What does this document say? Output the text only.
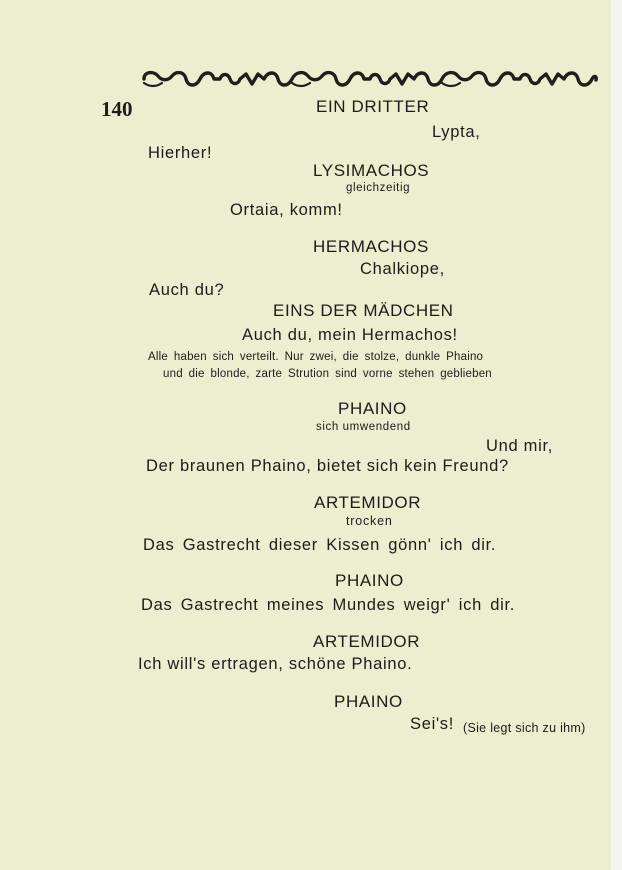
140	EIN DRITTER
Lypta,
Hierher!
LYSIMACHOS
gleichzeitig
Ortaia, komm!
HERMACHOS
Chalkiope,
Auch du?
EINS DER MÄDCHEN
Auch du, mein Hermachos!
Alle haben sich verteilt. Nur zwei, die stolze, dunkle Phaino
und die blonde, zarte Strution sind vorne stehen geblieben
PHAINO
sich umwendend
Und mir,
Der braunen Phaino, bietet sich kein Freund?
ARTEMIDOR
trocken
Das Gastrecht dieser Kissen gönn' ich dir.
PHAINO
Das Gastrecht meines Mundes weigr' ich dir.
ARTEMIDOR
Ich will's ertragen, schöne Phaino.
PHAINO
Sei's! (Sie legt sich zu ihm)
